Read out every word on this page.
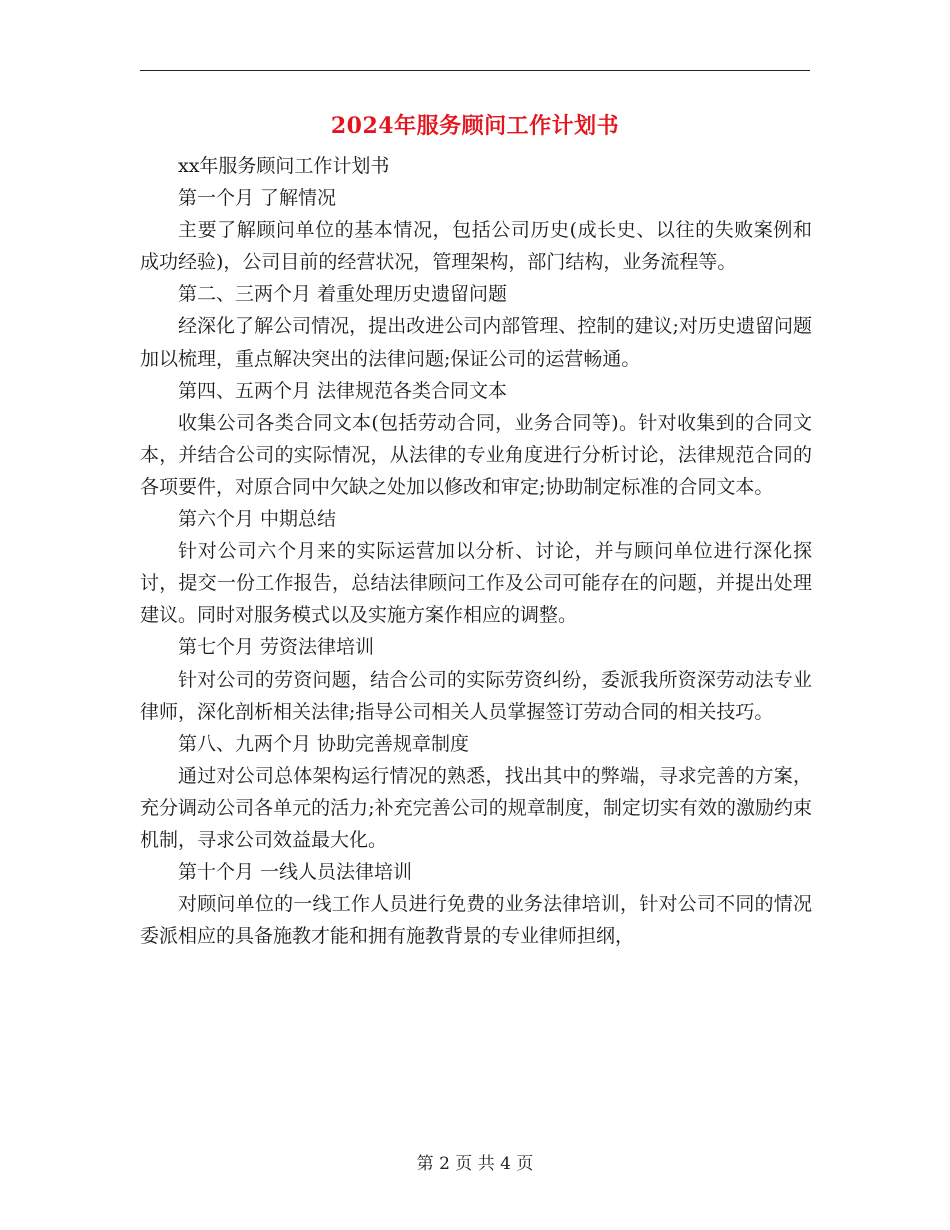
2024年服务顾问工作计划书

xx年服务顾问工作计划书

第一个月 了解情况

主要了解顾问单位的基本情况，包括公司历史(成长史、以往的失败案例和成功经验)，公司目前的经营状况，管理架构，部门结构，业务流程等。

第二、三两个月 着重处理历史遗留问题

经深化了解公司情况，提出改进公司内部管理、控制的建议;对历史遗留问题加以梳理，重点解决突出的法律问题;保证公司的运营畅通。

第四、五两个月 法律规范各类合同文本

收集公司各类合同文本(包括劳动合同，业务合同等)。针对收集到的合同文本，并结合公司的实际情况，从法律的专业角度进行分析讨论，法律规范合同的各项要件，对原合同中欠缺之处加以修改和审定;协助制定标准的合同文本。

第六个月 中期总结

针对公司六个月来的实际运营加以分析、讨论，并与顾问单位进行深化探讨，提交一份工作报告，总结法律顾问工作及公司可能存在的问题，并提出处理建议。同时对服务模式以及实施方案作相应的调整。

第七个月 劳资法律培训

针对公司的劳资问题，结合公司的实际劳资纠纷，委派我所资深劳动法专业律师，深化剖析相关法律;指导公司相关人员掌握签订劳动合同的相关技巧。

第八、九两个月 协助完善规章制度

通过对公司总体架构运行情况的熟悉，找出其中的弊端，寻求完善的方案，充分调动公司各单元的活力;补充完善公司的规章制度，制定切实有效的激励约束机制，寻求公司效益最大化。

第十个月 一线人员法律培训

对顾问单位的一线工作人员进行免费的业务法律培训，针对公司不同的情况委派相应的具备施教才能和拥有施教背景的专业律师担纲，

第 2 页 共 4 页
